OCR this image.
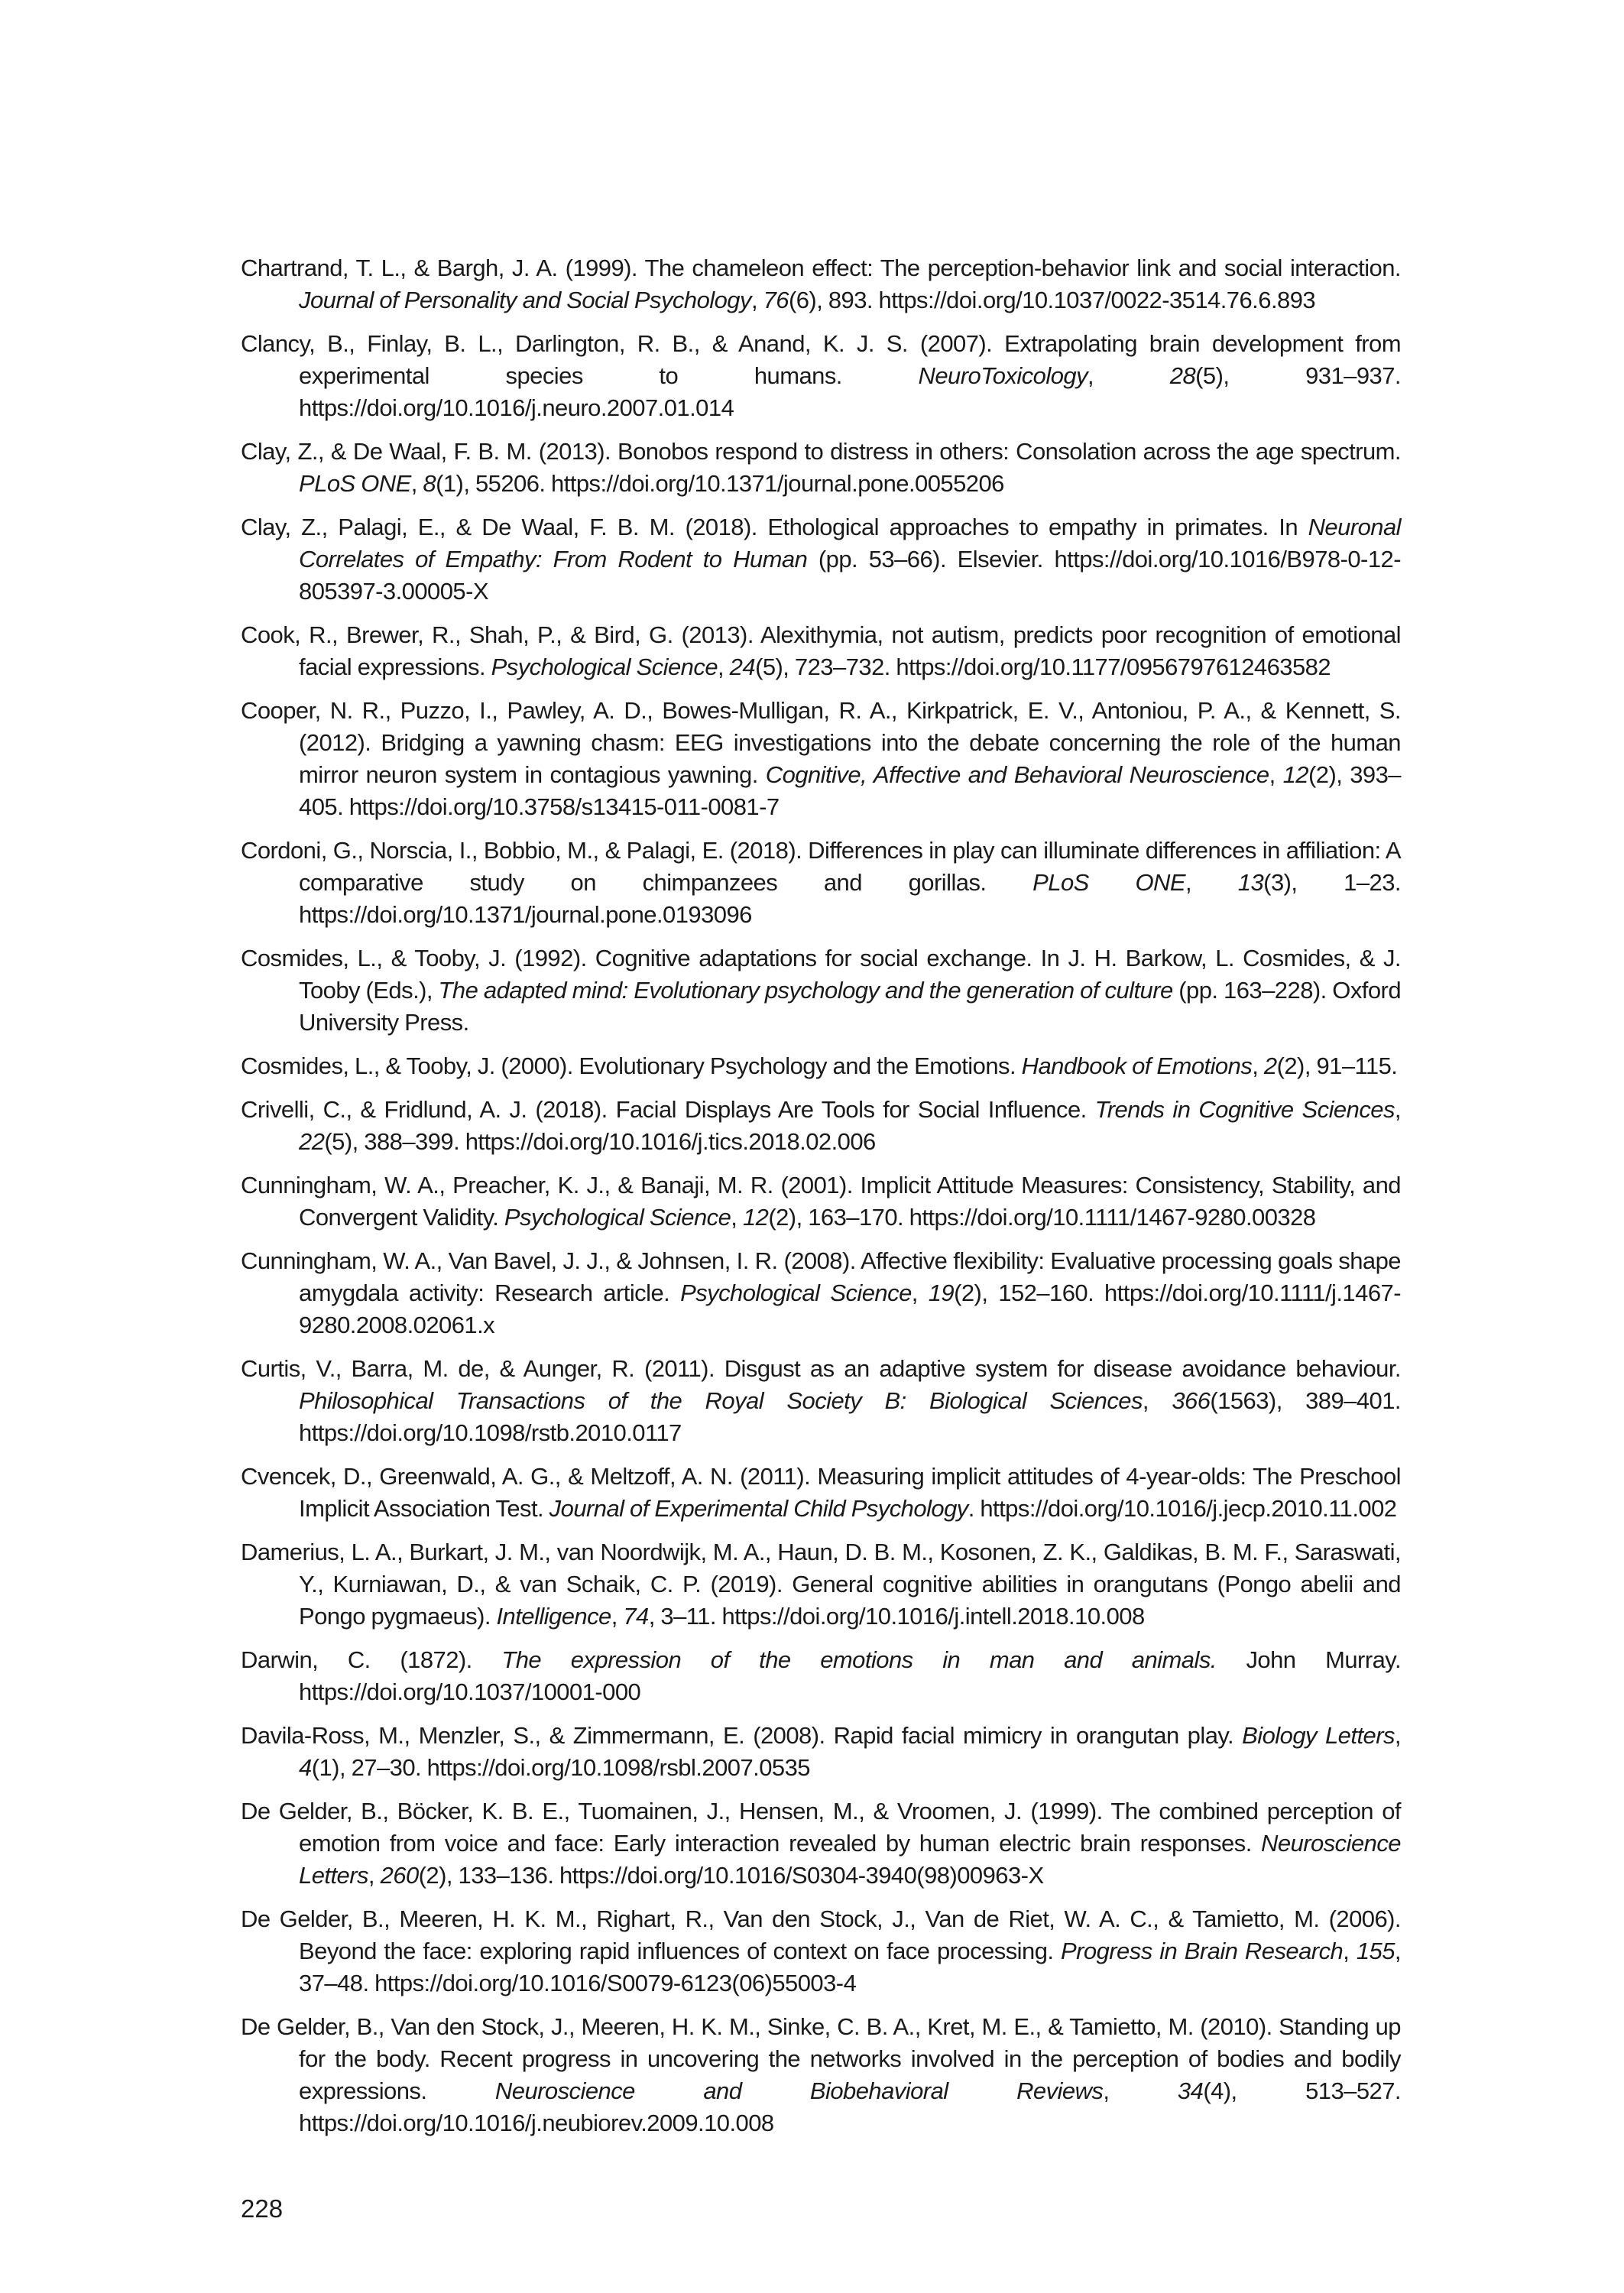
Chartrand, T. L., & Bargh, J. A. (1999). The chameleon effect: The perception-behavior link and social interaction. Journal of Personality and Social Psychology, 76(6), 893. https://doi.org/10.1037/0022-3514.76.6.893
Clancy, B., Finlay, B. L., Darlington, R. B., & Anand, K. J. S. (2007). Extrapolating brain development from experimental species to humans. NeuroToxicology, 28(5), 931–937. https://doi.org/10.1016/j.neuro.2007.01.014
Clay, Z., & De Waal, F. B. M. (2013). Bonobos respond to distress in others: Consolation across the age spectrum. PLoS ONE, 8(1), 55206. https://doi.org/10.1371/journal.pone.0055206
Clay, Z., Palagi, E., & De Waal, F. B. M. (2018). Ethological approaches to empathy in primates. In Neuronal Correlates of Empathy: From Rodent to Human (pp. 53–66). Elsevier. https://doi.org/10.1016/B978-0-12-805397-3.00005-X
Cook, R., Brewer, R., Shah, P., & Bird, G. (2013). Alexithymia, not autism, predicts poor recognition of emotional facial expressions. Psychological Science, 24(5), 723–732. https://doi.org/10.1177/0956797612463582
Cooper, N. R., Puzzo, I., Pawley, A. D., Bowes-Mulligan, R. A., Kirkpatrick, E. V., Antoniou, P. A., & Kennett, S. (2012). Bridging a yawning chasm: EEG investigations into the debate concerning the role of the human mirror neuron system in contagious yawning. Cognitive, Affective and Behavioral Neuroscience, 12(2), 393–405. https://doi.org/10.3758/s13415-011-0081-7
Cordoni, G., Norscia, I., Bobbio, M., & Palagi, E. (2018). Differences in play can illuminate differences in affiliation: A comparative study on chimpanzees and gorillas. PLoS ONE, 13(3), 1–23. https://doi.org/10.1371/journal.pone.0193096
Cosmides, L., & Tooby, J. (1992). Cognitive adaptations for social exchange. In J. H. Barkow, L. Cosmides, & J. Tooby (Eds.), The adapted mind: Evolutionary psychology and the generation of culture (pp. 163–228). Oxford University Press.
Cosmides, L., & Tooby, J. (2000). Evolutionary Psychology and the Emotions. Handbook of Emotions, 2(2), 91–115.
Crivelli, C., & Fridlund, A. J. (2018). Facial Displays Are Tools for Social Influence. Trends in Cognitive Sciences, 22(5), 388–399. https://doi.org/10.1016/j.tics.2018.02.006
Cunningham, W. A., Preacher, K. J., & Banaji, M. R. (2001). Implicit Attitude Measures: Consistency, Stability, and Convergent Validity. Psychological Science, 12(2), 163–170. https://doi.org/10.1111/1467-9280.00328
Cunningham, W. A., Van Bavel, J. J., & Johnsen, I. R. (2008). Affective flexibility: Evaluative processing goals shape amygdala activity: Research article. Psychological Science, 19(2), 152–160. https://doi.org/10.1111/j.1467-9280.2008.02061.x
Curtis, V., Barra, M. de, & Aunger, R. (2011). Disgust as an adaptive system for disease avoidance behaviour. Philosophical Transactions of the Royal Society B: Biological Sciences, 366(1563), 389–401. https://doi.org/10.1098/rstb.2010.0117
Cvencek, D., Greenwald, A. G., & Meltzoff, A. N. (2011). Measuring implicit attitudes of 4-year-olds: The Preschool Implicit Association Test. Journal of Experimental Child Psychology. https://doi.org/10.1016/j.jecp.2010.11.002
Damerius, L. A., Burkart, J. M., van Noordwijk, M. A., Haun, D. B. M., Kosonen, Z. K., Galdikas, B. M. F., Saraswati, Y., Kurniawan, D., & van Schaik, C. P. (2019). General cognitive abilities in orangutans (Pongo abelii and Pongo pygmaeus). Intelligence, 74, 3–11. https://doi.org/10.1016/j.intell.2018.10.008
Darwin, C. (1872). The expression of the emotions in man and animals. John Murray. https://doi.org/10.1037/10001-000
Davila-Ross, M., Menzler, S., & Zimmermann, E. (2008). Rapid facial mimicry in orangutan play. Biology Letters, 4(1), 27–30. https://doi.org/10.1098/rsbl.2007.0535
De Gelder, B., Böcker, K. B. E., Tuomainen, J., Hensen, M., & Vroomen, J. (1999). The combined perception of emotion from voice and face: Early interaction revealed by human electric brain responses. Neuroscience Letters, 260(2), 133–136. https://doi.org/10.1016/S0304-3940(98)00963-X
De Gelder, B., Meeren, H. K. M., Righart, R., Van den Stock, J., Van de Riet, W. A. C., & Tamietto, M. (2006). Beyond the face: exploring rapid influences of context on face processing. Progress in Brain Research, 155, 37–48. https://doi.org/10.1016/S0079-6123(06)55003-4
De Gelder, B., Van den Stock, J., Meeren, H. K. M., Sinke, C. B. A., Kret, M. E., & Tamietto, M. (2010). Standing up for the body. Recent progress in uncovering the networks involved in the perception of bodies and bodily expressions. Neuroscience and Biobehavioral Reviews, 34(4), 513–527. https://doi.org/10.1016/j.neubiorev.2009.10.008
228
